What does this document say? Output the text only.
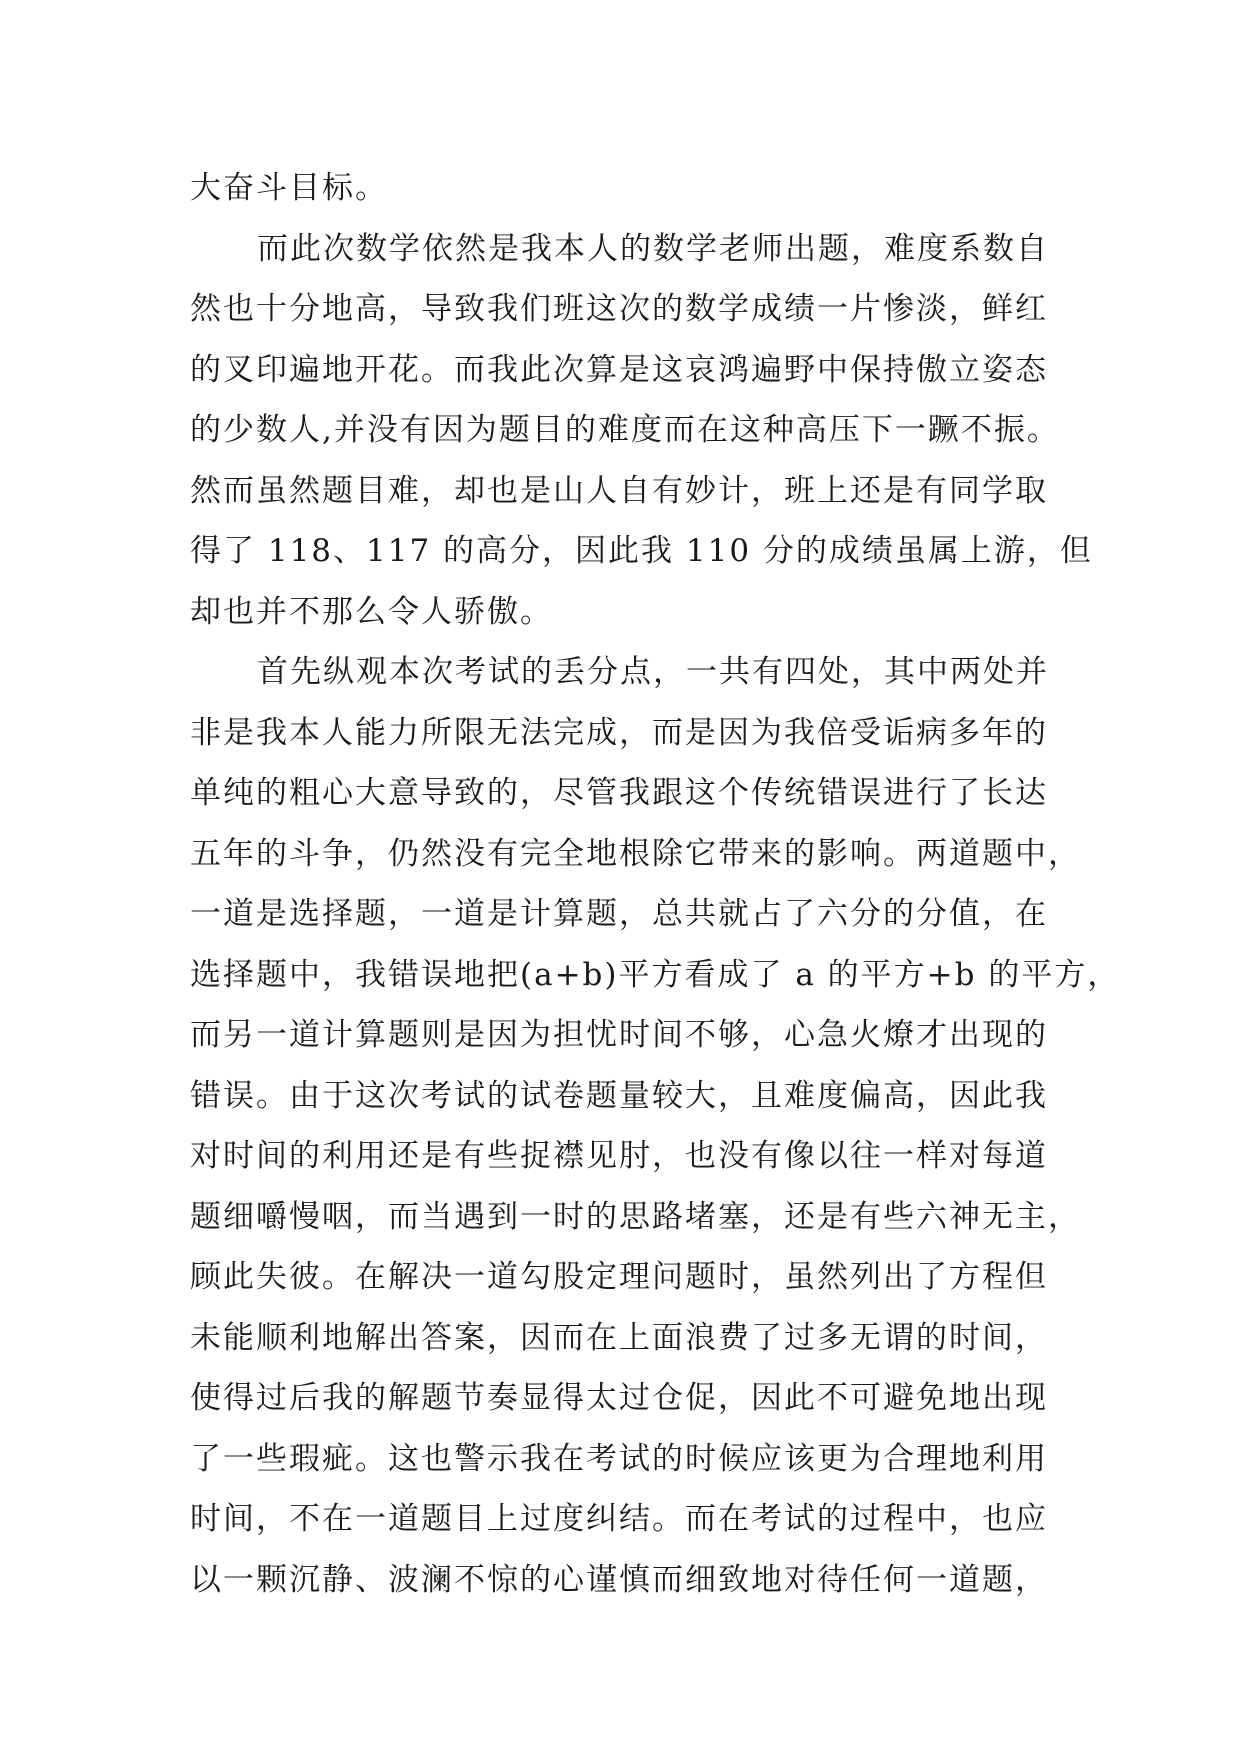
大奋斗目标。
而此次数学依然是我本人的数学老师出题，难度系数自
然也十分地高，导致我们班这次的数学成绩一片惨淡，鲜红
的叉印遍地开花。而我此次算是这哀鸿遍野中保持傲立姿态
的少数人,并没有因为题目的难度而在这种高压下一蹶不振。
然而虽然题目难，却也是山人自有妙计，班上还是有同学取
得了 118、117 的高分，因此我 110 分的成绩虽属上游，但
却也并不那么令人骄傲。
首先纵观本次考试的丢分点，一共有四处，其中两处并
非是我本人能力所限无法完成，而是因为我倍受诟病多年的
单纯的粗心大意导致的，尽管我跟这个传统错误进行了长达
五年的斗争，仍然没有完全地根除它带来的影响。两道题中，
一道是选择题，一道是计算题，总共就占了六分的分值，在
选择题中，我错误地把(a+b)平方看成了 a 的平方+b 的平方，
而另一道计算题则是因为担忧时间不够，心急火燎才出现的
错误。由于这次考试的试卷题量较大，且难度偏高，因此我
对时间的利用还是有些捉襟见肘，也没有像以往一样对每道
题细嚼慢咽，而当遇到一时的思路堵塞，还是有些六神无主，
顾此失彼。在解决一道勾股定理问题时，虽然列出了方程但
未能顺利地解出答案，因而在上面浪费了过多无谓的时间，
使得过后我的解题节奏显得太过仓促，因此不可避免地出现
了一些瑕疵。这也警示我在考试的时候应该更为合理地利用
时间，不在一道题目上过度纠结。而在考试的过程中，也应
以一颗沉静、波澜不惊的心谨慎而细致地对待任何一道题，
